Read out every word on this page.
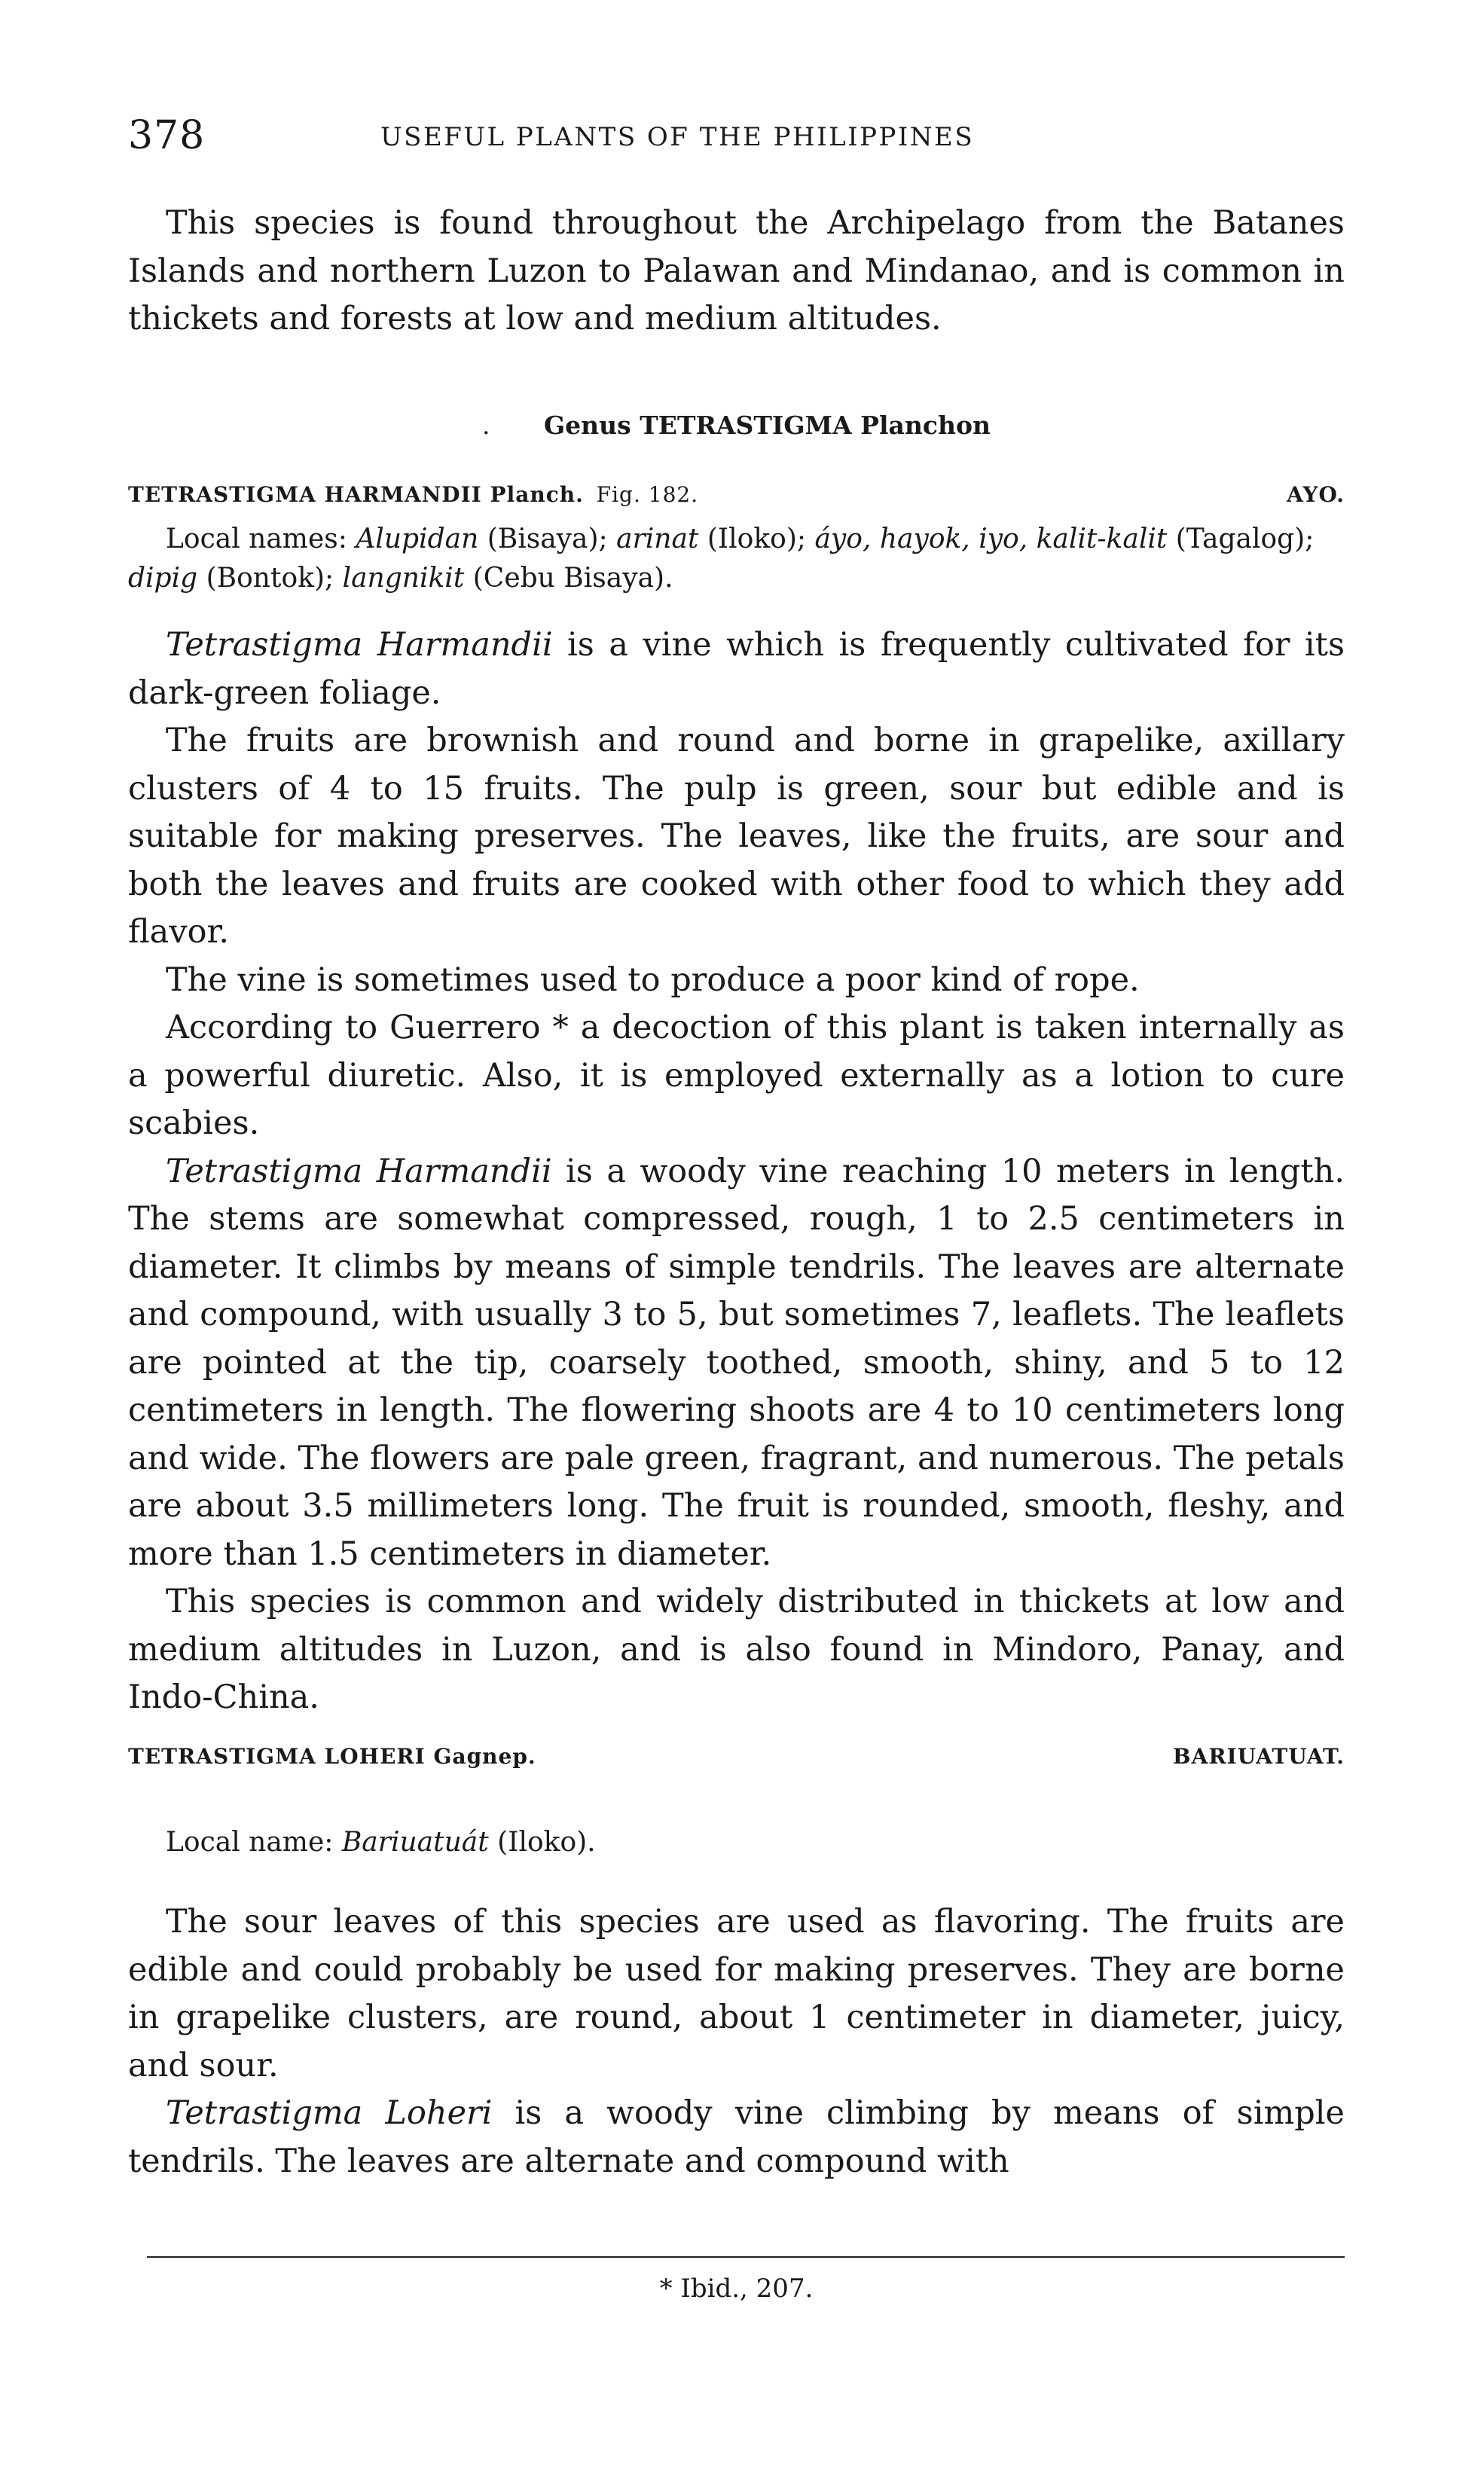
378	USEFUL PLANTS OF THE PHILIPPINES

This species is found throughout the Archipelago from the Batanes Islands and northern Luzon to Palawan and Mindanao, and is common in thickets and forests at low and medium altitudes.

. Genus TETRASTIGMA Planchon
TETRASTIGMA HARMANDII Planch. Fig. 182.	AYO.

Local names: Alupidan (Bisaya); arinat (Iloko); áyo, hayok, iyo, kalit-kalit (Tagalog); dipig (Bontok); langnikit (Cebu Bisaya).

Tetrastigma Harmandii is a vine which is frequently cultivated for its dark-green foliage.

The fruits are brownish and round and borne in grapelike, axillary clusters of 4 to 15 fruits. The pulp is green, sour but edible and is suitable for making preserves. The leaves, like the fruits, are sour and both the leaves and fruits are cooked with other food to which they add flavor.

The vine is sometimes used to produce a poor kind of rope.

According to Guerrero * a decoction of this plant is taken internally as a powerful diuretic. Also, it is employed externally as a lotion to cure scabies.

Tetrastigma Harmandii is a woody vine reaching 10 meters in length. The stems are somewhat compressed, rough, 1 to 2.5 centimeters in diameter. It climbs by means of simple tendrils. The leaves are alternate and compound, with usually 3 to 5, but sometimes 7, leaflets. The leaflets are pointed at the tip, coarsely toothed, smooth, shiny, and 5 to 12 centimeters in length. The flowering shoots are 4 to 10 centimeters long and wide. The flowers are pale green, fragrant, and numerous. The petals are about 3.5 millimeters long. The fruit is rounded, smooth, fleshy, and more than 1.5 centimeters in diameter.

This species is common and widely distributed in thickets at low and medium altitudes in Luzon, and is also found in Mindoro, Panay, and Indo-China.

TETRASTIGMA LOHERI Gagnep.	BARIUATUAT.

Local name: Bariuatuát (Iloko).

The sour leaves of this species are used as flavoring. The fruits are edible and could probably be used for making preserves. They are borne in grapelike clusters, are round, about 1 centimeter in diameter, juicy, and sour.

Tetrastigma Loheri is a woody vine climbing by means of simple tendrils. The leaves are alternate and compound with

* Ibid., 207.
